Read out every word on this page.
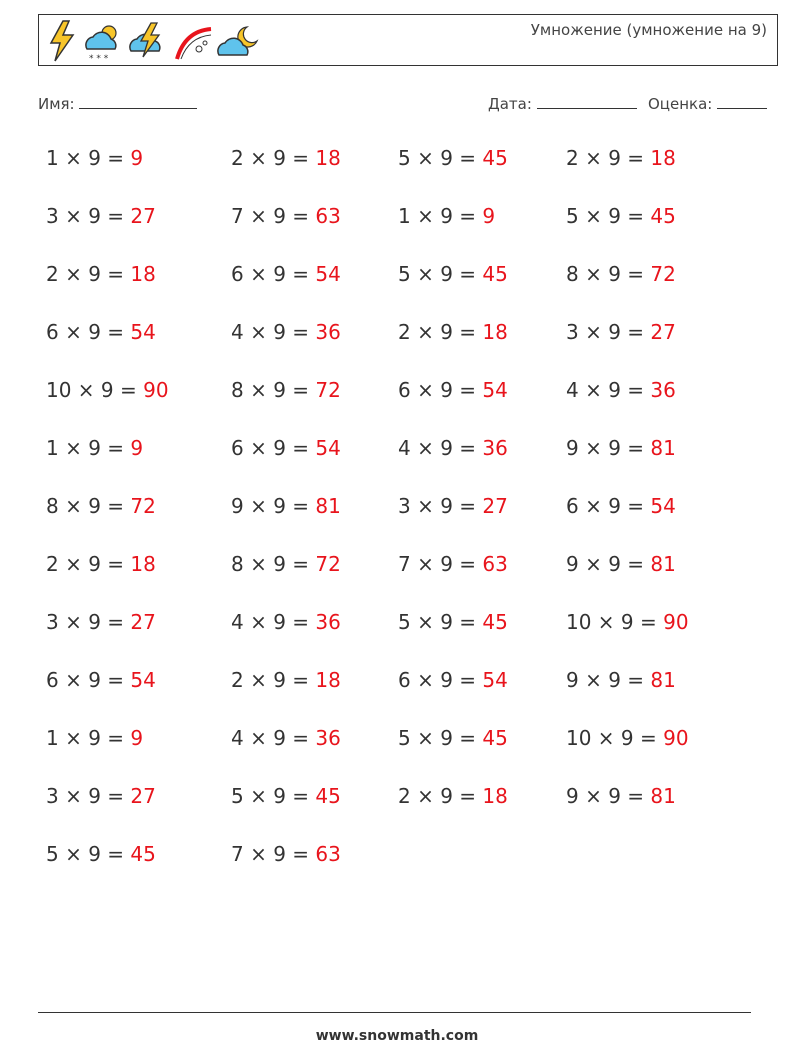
* * *
Умножение (умножение на 9)
Имя:	Дата:	Оценка:
1 × 9 = 9	2 × 9 = 18	5 × 9 = 45	2 × 9 = 18
3 × 9 = 27	7 × 9 = 63	1 × 9 = 9	5 × 9 = 45
2 × 9 = 18	6 × 9 = 54	5 × 9 = 45	8 × 9 = 72
6 × 9 = 54	4 × 9 = 36	2 × 9 = 18	3 × 9 = 27
10 × 9 = 90	8 × 9 = 72	6 × 9 = 54	4 × 9 = 36
1 × 9 = 9	6 × 9 = 54	4 × 9 = 36	9 × 9 = 81
8 × 9 = 72	9 × 9 = 81	3 × 9 = 27	6 × 9 = 54
2 × 9 = 18	8 × 9 = 72	7 × 9 = 63	9 × 9 = 81
3 × 9 = 27	4 × 9 = 36	5 × 9 = 45	10 × 9 = 90
6 × 9 = 54	2 × 9 = 18	6 × 9 = 54	9 × 9 = 81
1 × 9 = 9	4 × 9 = 36	5 × 9 = 45	10 × 9 = 90
3 × 9 = 27	5 × 9 = 45	2 × 9 = 18	9 × 9 = 81
5 × 9 = 45	7 × 9 = 63
www.snowmath.com
